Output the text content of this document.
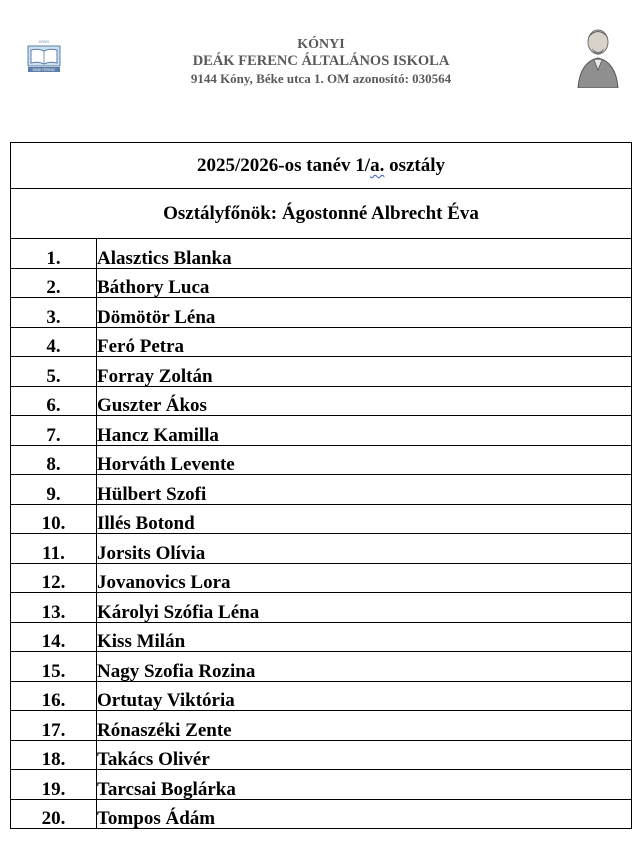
KÓNYI
DEÁK FERENC
KÓNYI
DEÁK FERENC ÁLTALÁNOS ISKOLA
9144 Kóny, Béke utca 1. OM azonosító: 030564
2025/2026-os tanév 1/a. osztály	
Osztályfőnök: Ágostonné Albrecht Éva	
1.	Alasztics Blanka
2.	Báthory Luca
3.	Dömötör Léna
4.	Feró Petra
5.	Forray Zoltán
6.	Guszter Ákos
7.	Hancz Kamilla
8.	Horváth Levente
9.	Hülbert Szofi
10.	Illés Botond
11.	Jorsits Olívia
12.	Jovanovics Lora
13.	Károlyi Szófia Léna
14.	Kiss Milán
15.	Nagy Szofia Rozina
16.	Ortutay Viktória
17.	Rónaszéki Zente
18.	Takács Olivér
19.	Tarcsai Boglárka
20.	Tompos Ádám
